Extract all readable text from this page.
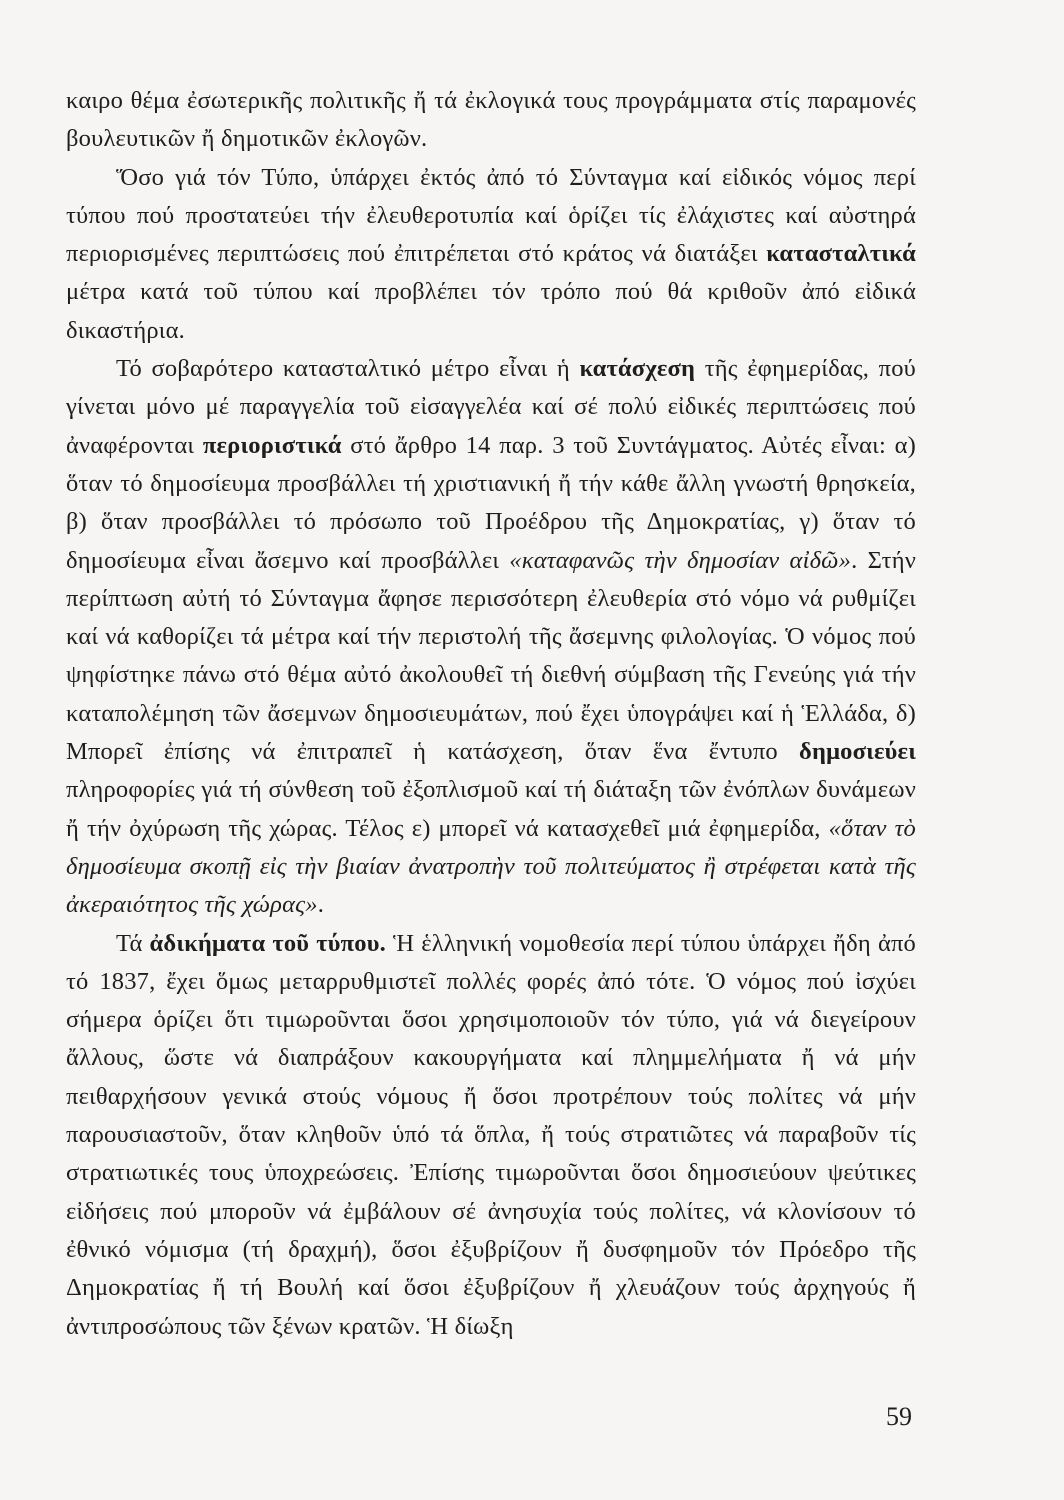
καιρο θέμα ἐσωτερικῆς πολιτικῆς ἤ τά ἐκλογικά τους προγράμματα στίς παραμονές βουλευτικῶν ἤ δημοτικῶν ἐκλογῶν.

Ὅσο γιά τόν Τύπο, ὑπάρχει ἐκτός ἀπό τό Σύνταγμα καί εἰδικός νόμος περί τύπου πού προστατεύει τήν ἐλευθεροτυπία καί ὁρίζει τίς ἐλάχιστες καί αὐστηρά περιορισμένες περιπτώσεις πού ἐπιτρέπεται στό κράτος νά διατάξει κατασταλτικά μέτρα κατά τοῦ τύπου καί προβλέπει τόν τρόπο πού θά κριθοῦν ἀπό εἰδικά δικαστήρια.

Τό σοβαρότερο κατασταλτικό μέτρο εἶναι ἡ κατάσχεση τῆς ἐφημερίδας, πού γίνεται μόνο μέ παραγγελία τοῦ εἰσαγγελέα καί σέ πολύ εἰδικές περιπτώσεις πού ἀναφέρονται περιοριστικά στό ἄρθρο 14 παρ. 3 τοῦ Συντάγματος. Αὐτές εἶναι: α) ὅταν τό δημοσίευμα προσβάλλει τή χριστιανική ἤ τήν κάθε ἄλλη γνωστή θρησκεία, β) ὅταν προσβάλλει τό πρόσωπο τοῦ Προέδρου τῆς Δημοκρατίας, γ) ὅταν τό δημοσίευμα εἶναι ἄσεμνο καί προσβάλλει «καταφανῶς τὴν δημοσίαν αἰδῶ». Στήν περίπτωση αὐτή τό Σύνταγμα ἄφησε περισσότερη ἐλευθερία στό νόμο νά ρυθμίζει καί νά καθορίζει τά μέτρα καί τήν περιστολή τῆς ἄσεμνης φιλολογίας. Ὁ νόμος πού ψηφίστηκε πάνω στό θέμα αὐτό ἀκολουθεῖ τή διεθνή σύμβαση τῆς Γενεύης γιά τήν καταπολέμηση τῶν ἄσεμνων δημοσιευμάτων, πού ἔχει ὑπογράψει καί ἡ Ἑλλάδα, δ) Μπορεῖ ἐπίσης νά ἐπιτραπεῖ ἡ κατάσχεση, ὅταν ἕνα ἔντυπο δημοσιεύει πληροφορίες γιά τή σύνθεση τοῦ ἐξοπλισμοῦ καί τή διάταξη τῶν ἐνόπλων δυνάμεων ἤ τήν ὀχύρωση τῆς χώρας. Τέλος ε) μπορεῖ νά κατασχεθεῖ μιά ἐφημερίδα, «ὅταν τὸ δημοσίευμα σκοπῇ εἰς τὴν βιαίαν ἀνατροπὴν τοῦ πολιτεύματος ἢ στρέφεται κατὰ τῆς ἀκεραιότητος τῆς χώρας».

Τά ἀδικήματα τοῦ τύπου. Ἡ ἑλληνική νομοθεσία περί τύπου ὑπάρχει ἤδη ἀπό τό 1837, ἔχει ὅμως μεταρρυθμιστεῖ πολλές φορές ἀπό τότε. Ὁ νόμος πού ἰσχύει σήμερα ὁρίζει ὅτι τιμωροῦνται ὅσοι χρησιμοποιοῦν τόν τύπο, γιά νά διεγείρουν ἄλλους, ὥστε νά διαπράξουν κακουργήματα καί πλημμελήματα ἤ νά μήν πειθαρχήσουν γενικά στούς νόμους ἤ ὅσοι προτρέπουν τούς πολίτες νά μήν παρουσιαστοῦν, ὅταν κληθοῦν ὑπό τά ὅπλα, ἤ τούς στρατιῶτες νά παραβοῦν τίς στρατιωτικές τους ὑποχρεώσεις. Ἐπίσης τιμωροῦνται ὅσοι δημοσιεύουν ψεύτικες εἰδήσεις πού μποροῦν νά ἐμβάλουν σέ ἀνησυχία τούς πολίτες, νά κλονίσουν τό ἐθνικό νόμισμα (τή δραχμή), ὅσοι ἐξυβρίζουν ἤ δυσφημοῦν τόν Πρόεδρο τῆς Δημοκρατίας ἤ τή Βουλή καί ὅσοι ἐξυβρίζουν ἤ χλευάζουν τούς ἀρχηγούς ἤ ἀντιπροσώπους τῶν ξένων κρατῶν. Ἡ δίωξη

59
